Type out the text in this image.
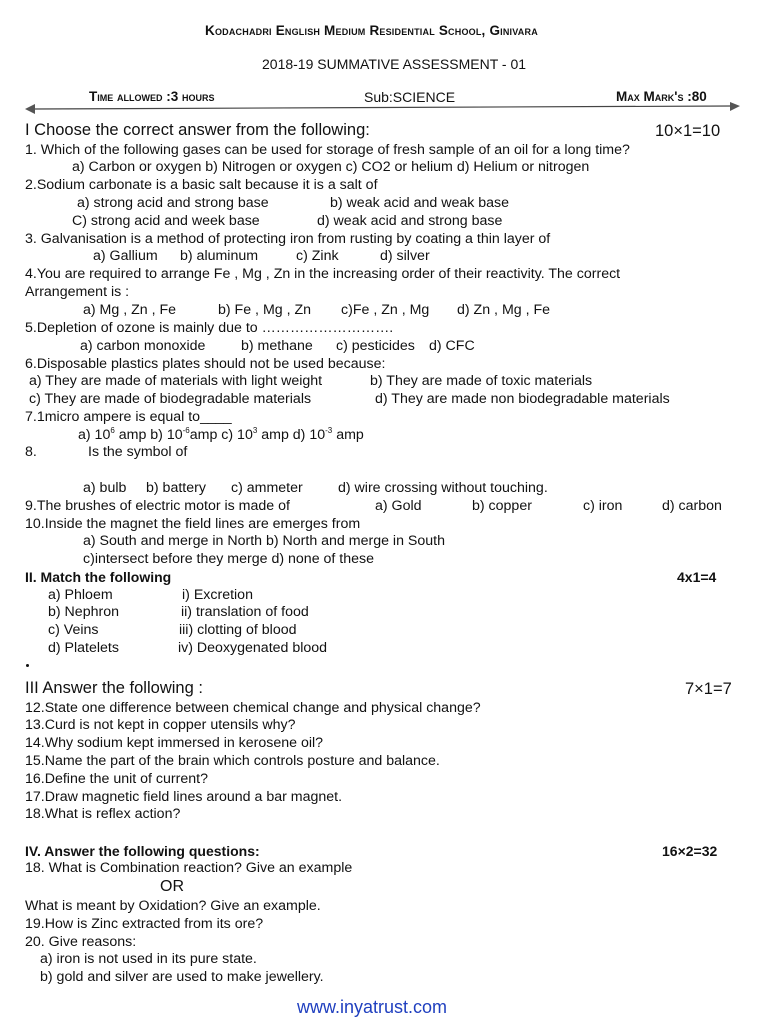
Kodachadri English Medium Residential School, Ginivara
2018-19 SUMMATIVE ASSESSMENT - 01
Time allowed :3 hours	Sub:SCIENCE	Max Mark's :80
I Choose the correct answer from the following:	10×1=10
1. Which of the following gases can be used for storage of fresh sample of an oil for a long time?
a) Carbon or oxygen b) Nitrogen or oxygen c) CO2 or helium d) Helium or nitrogen
2.Sodium carbonate is a basic salt because it is a salt of
a) strong acid and strong base	b) weak acid and weak base
C) strong acid and week base	d) weak acid and strong base
3. Galvanisation is a method of protecting iron from rusting by coating a thin layer of
a) Gallium b) aluminum	c) Zink	d) silver
4.You are required to arrange Fe , Mg , Zn in the increasing order of their reactivity. The correct
Arrangement is :
a) Mg , Zn , Fe	b) Fe , Mg , Zn c)Fe , Zn , Mg d) Zn , Mg , Fe
5.Depletion of ozone is mainly due to ……………………….
a) carbon monoxide	b) methane c) pesticides d) CFC
6.Disposable plastics plates should not be used because:
a) They are made of materials with light weight	b) They are made of toxic materials
c) They are made of biodegradable materials	d) They are made non biodegradable materials
7.1micro ampere is equal to____
a) $10^6$ amp b) $10^{-6}amp$ c) $10^3$ amp d) $10^{-3}$ amp
8.	Is the symbol of
a) bulb b) battery c) ammeter d) wire crossing without touching.
9.The brushes of electric motor is made of	a) Gold	b) copper	c) iron	d) carbon
10.Inside the magnet the field lines are emerges from
a) South and merge in North b) North and merge in South
c)intersect before they merge d) none of these
II. Match the following	4x1=4
a) Phloem	i) Excretion
b) Nephron	ii) translation of food
c) Veins	iii) clotting of blood
d) Platelets	iv) Deoxygenated blood
III Answer the following :	7×1=7
12.State one difference between chemical change and physical change?
13.Curd is not kept in copper utensils why?
14.Why sodium kept immersed in kerosene oil?
15.Name the part of the brain which controls posture and balance.
16.Define the unit of current?
17.Draw magnetic field lines around a bar magnet.
18.What is reflex action?
IV. Answer the following questions:	16×2=32
18. What is Combination reaction? Give an example
OR
What is meant by Oxidation? Give an example.
19.How is Zinc extracted from its ore?
20. Give reasons:
a) iron is not used in its pure state.
b) gold and silver are used to make jewellery.
www.inyatrust.com
